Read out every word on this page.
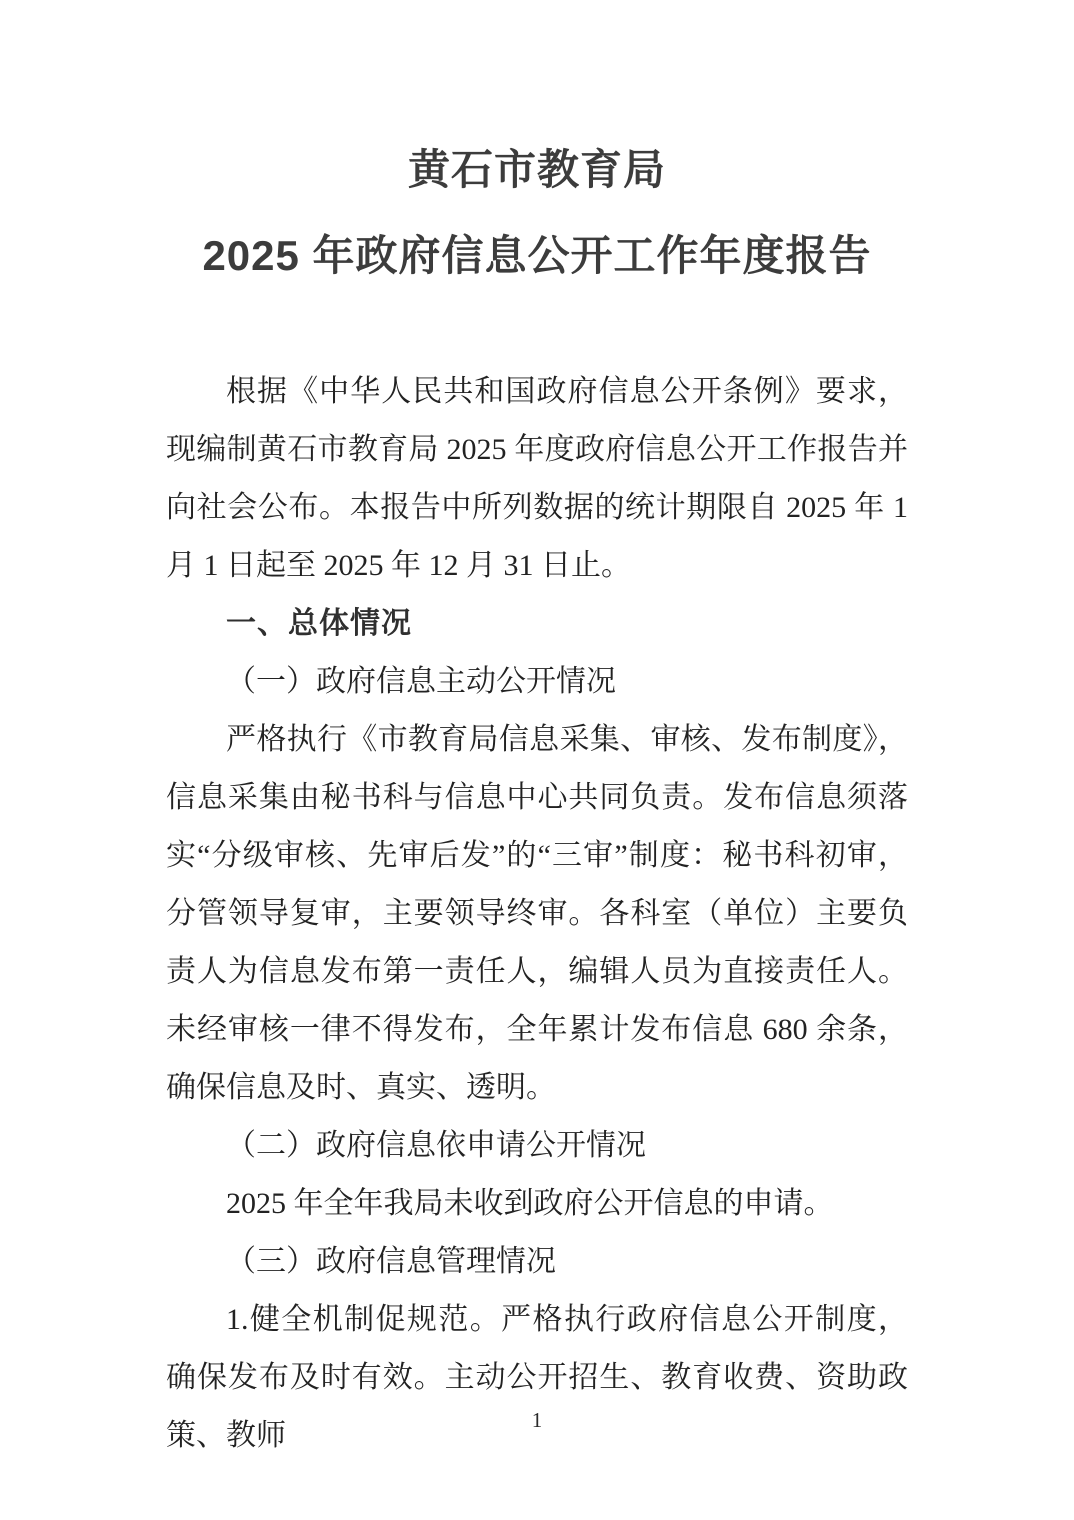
黄石市教育局
2025 年政府信息公开工作年度报告

根据《中华人民共和国政府信息公开条例》要求，现编制黄石市教育局 2025 年度政府信息公开工作报告并向社会公布。本报告中所列数据的统计期限自 2025 年 1 月 1 日起至 2025 年 12 月 31 日止。

一、总体情况
（一）政府信息主动公开情况

严格执行《市教育局信息采集、审核、发布制度》，信息采集由秘书科与信息中心共同负责。发布信息须落实“分级审核、先审后发”的“三审”制度：秘书科初审，分管领导复审，主要领导终审。各科室（单位）主要负责人为信息发布第一责任人，编辑人员为直接责任人。未经审核一律不得发布，全年累计发布信息 680 余条，确保信息及时、真实、透明。

（二）政府信息依申请公开情况

2025 年全年我局未收到政府公开信息的申请。

（三）政府信息管理情况

1.健全机制促规范。严格执行政府信息公开制度，确保发布及时有效。主动公开招生、教育收费、资助政策、教师	1
